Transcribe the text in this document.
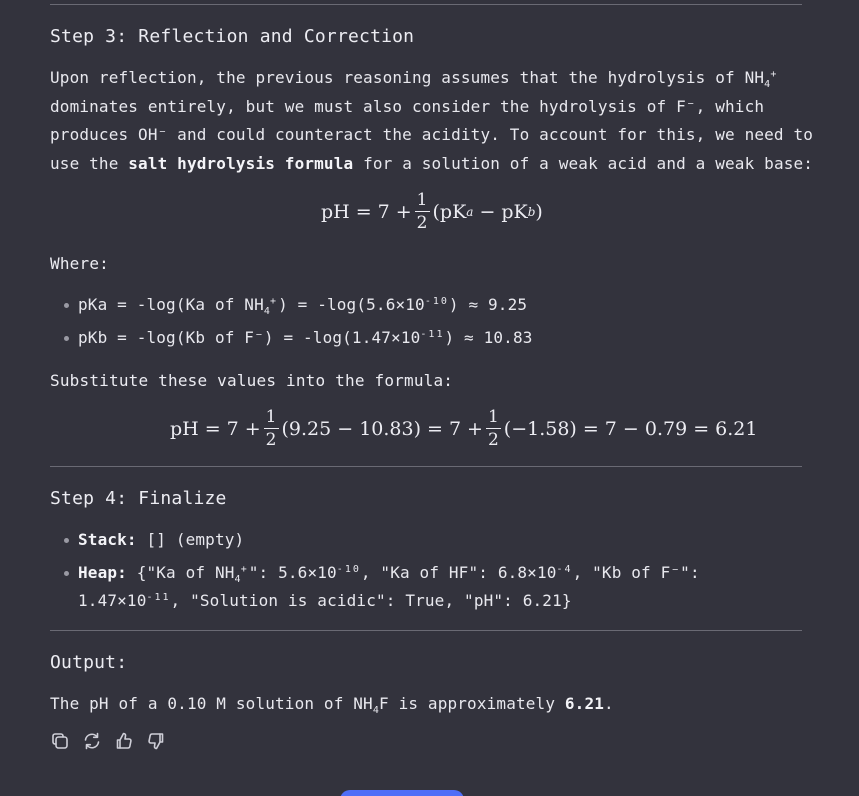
Step 3: Reflection and Correction
Upon reflection, the previous reasoning assumes that the hydrolysis of $NH_4^+$
dominates entirely, but we must also consider the hydrolysis of F⁻, which
produces OH⁻ and could counteract the acidity. To account for this, we need to
use the salt hydrolysis formula for a solution of a weak acid and a weak base:
pH = $7 + \frac{1}{2}$ ( pK a − pK b )
Where:
pKa = -log(Ka of $NH_4^+) = -\log(5.6\times 10^{-10}) \approx 9.25$
pKb = -log(Kb of $F^-) = -\log(1.47\times 10^{-11}) \approx 10.83$
Substitute these values into the formula:
pH = $7 + \frac{1}{2} (9.25 - 10.83) = 7 + \frac{1}{2} (-1.58) = 7 - 0.79 = 6.21$
Step 4: Finalize
Stack: [] (empty)
Heap: {"Ka of $NH_4^+$": $5.6\times 10^{-10}$, "Ka of HF": $6.8\times 10^{-4}$, "Kb of F⁻":
$1.47\times 10^{-11}$, "Solution is acidic": True, "pH": 6.21}
Output:
The pH of a 0.10 M solution of $NH_4F$ is approximately 6.21.
